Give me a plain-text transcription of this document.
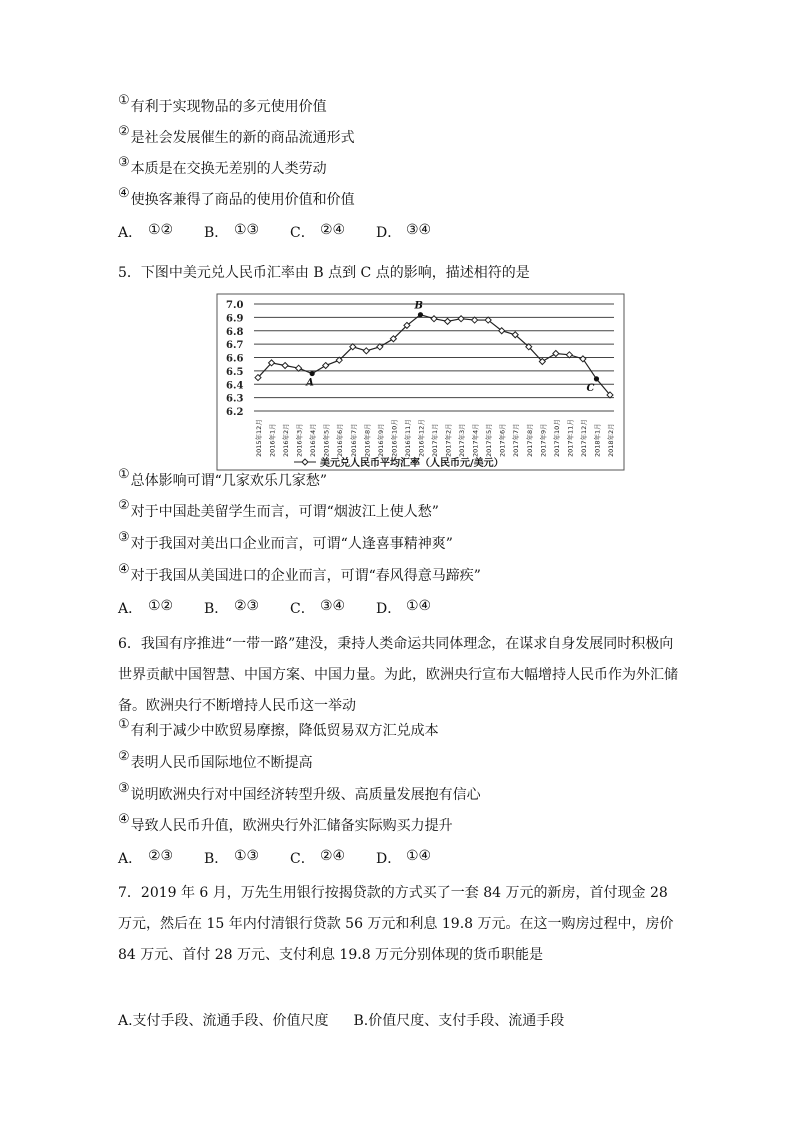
①有利于实现物品的多元使用价值
②是社会发展催生的新的商品流通形式
③本质是在交换无差别的人类劳动
④使换客兼得了商品的使用价值和价值
A． ①② B． ①③ C． ②④ D． ③④
5．下图中美元兑人民币汇率由 B 点到 C 点的影响，描述相符的是
7.0
6.9
6.8
6.7
6.6
6.5
6.4
6.3
6.2
2015年12月 2016年1月 2016年2月 2016年3月 2016年4月 2016年5月 2016年6月 2016年7月 2016年8月 2016年9月 2016年10月 2016年11月 2016年12月 2017年1月 2017年2月 2017年3月 2017年4月 2017年5月 2017年6月 2017年7月 2017年8月 2017年9月 2017年10月 2017年11月 2017年12月 2018年1月 2018年2月
A
B
C
美元兑人民币平均汇率（人民币元/美元）
①总体影响可谓“几家欢乐几家愁”
②对于中国赴美留学生而言，可谓“烟波江上使人愁”
③对于我国对美出口企业而言，可谓“人逢喜事精神爽”
④对于我国从美国进口的企业而言，可谓“春风得意马蹄疾”
A． ①② B． ②③ C． ③④ D． ①④
6．我国有序推进“一带一路”建没，秉持人类命运共同体理念，在谋求自身发展同时积极向世界贡献中国智慧、中国方案、中国力量。为此，欧洲央行宣布大幅增持人民币作为外汇储备。欧洲央行不断增持人民币这一举动
①有利于减少中欧贸易摩擦，降低贸易双方汇兑成本
②表明人民币国际地位不断提高
③说明欧洲央行对中国经济转型升级、高质量发展抱有信心
④导致人民币升值，欧洲央行外汇储备实际购买力提升
A． ②③ B． ①③ C． ②④ D． ①④
7．2019 年 6 月，万先生用银行按揭贷款的方式买了一套 84 万元的新房，首付现金 28 万元，然后在 15 年内付清银行贷款 56 万元和利息 19.8 万元。在这一购房过程中，房价 84 万元、首付 28 万元、支付利息 19.8 万元分别体现的货币职能是
A.支付手段、流通手段、价值尺度 B.价值尺度、支付手段、流通手段
